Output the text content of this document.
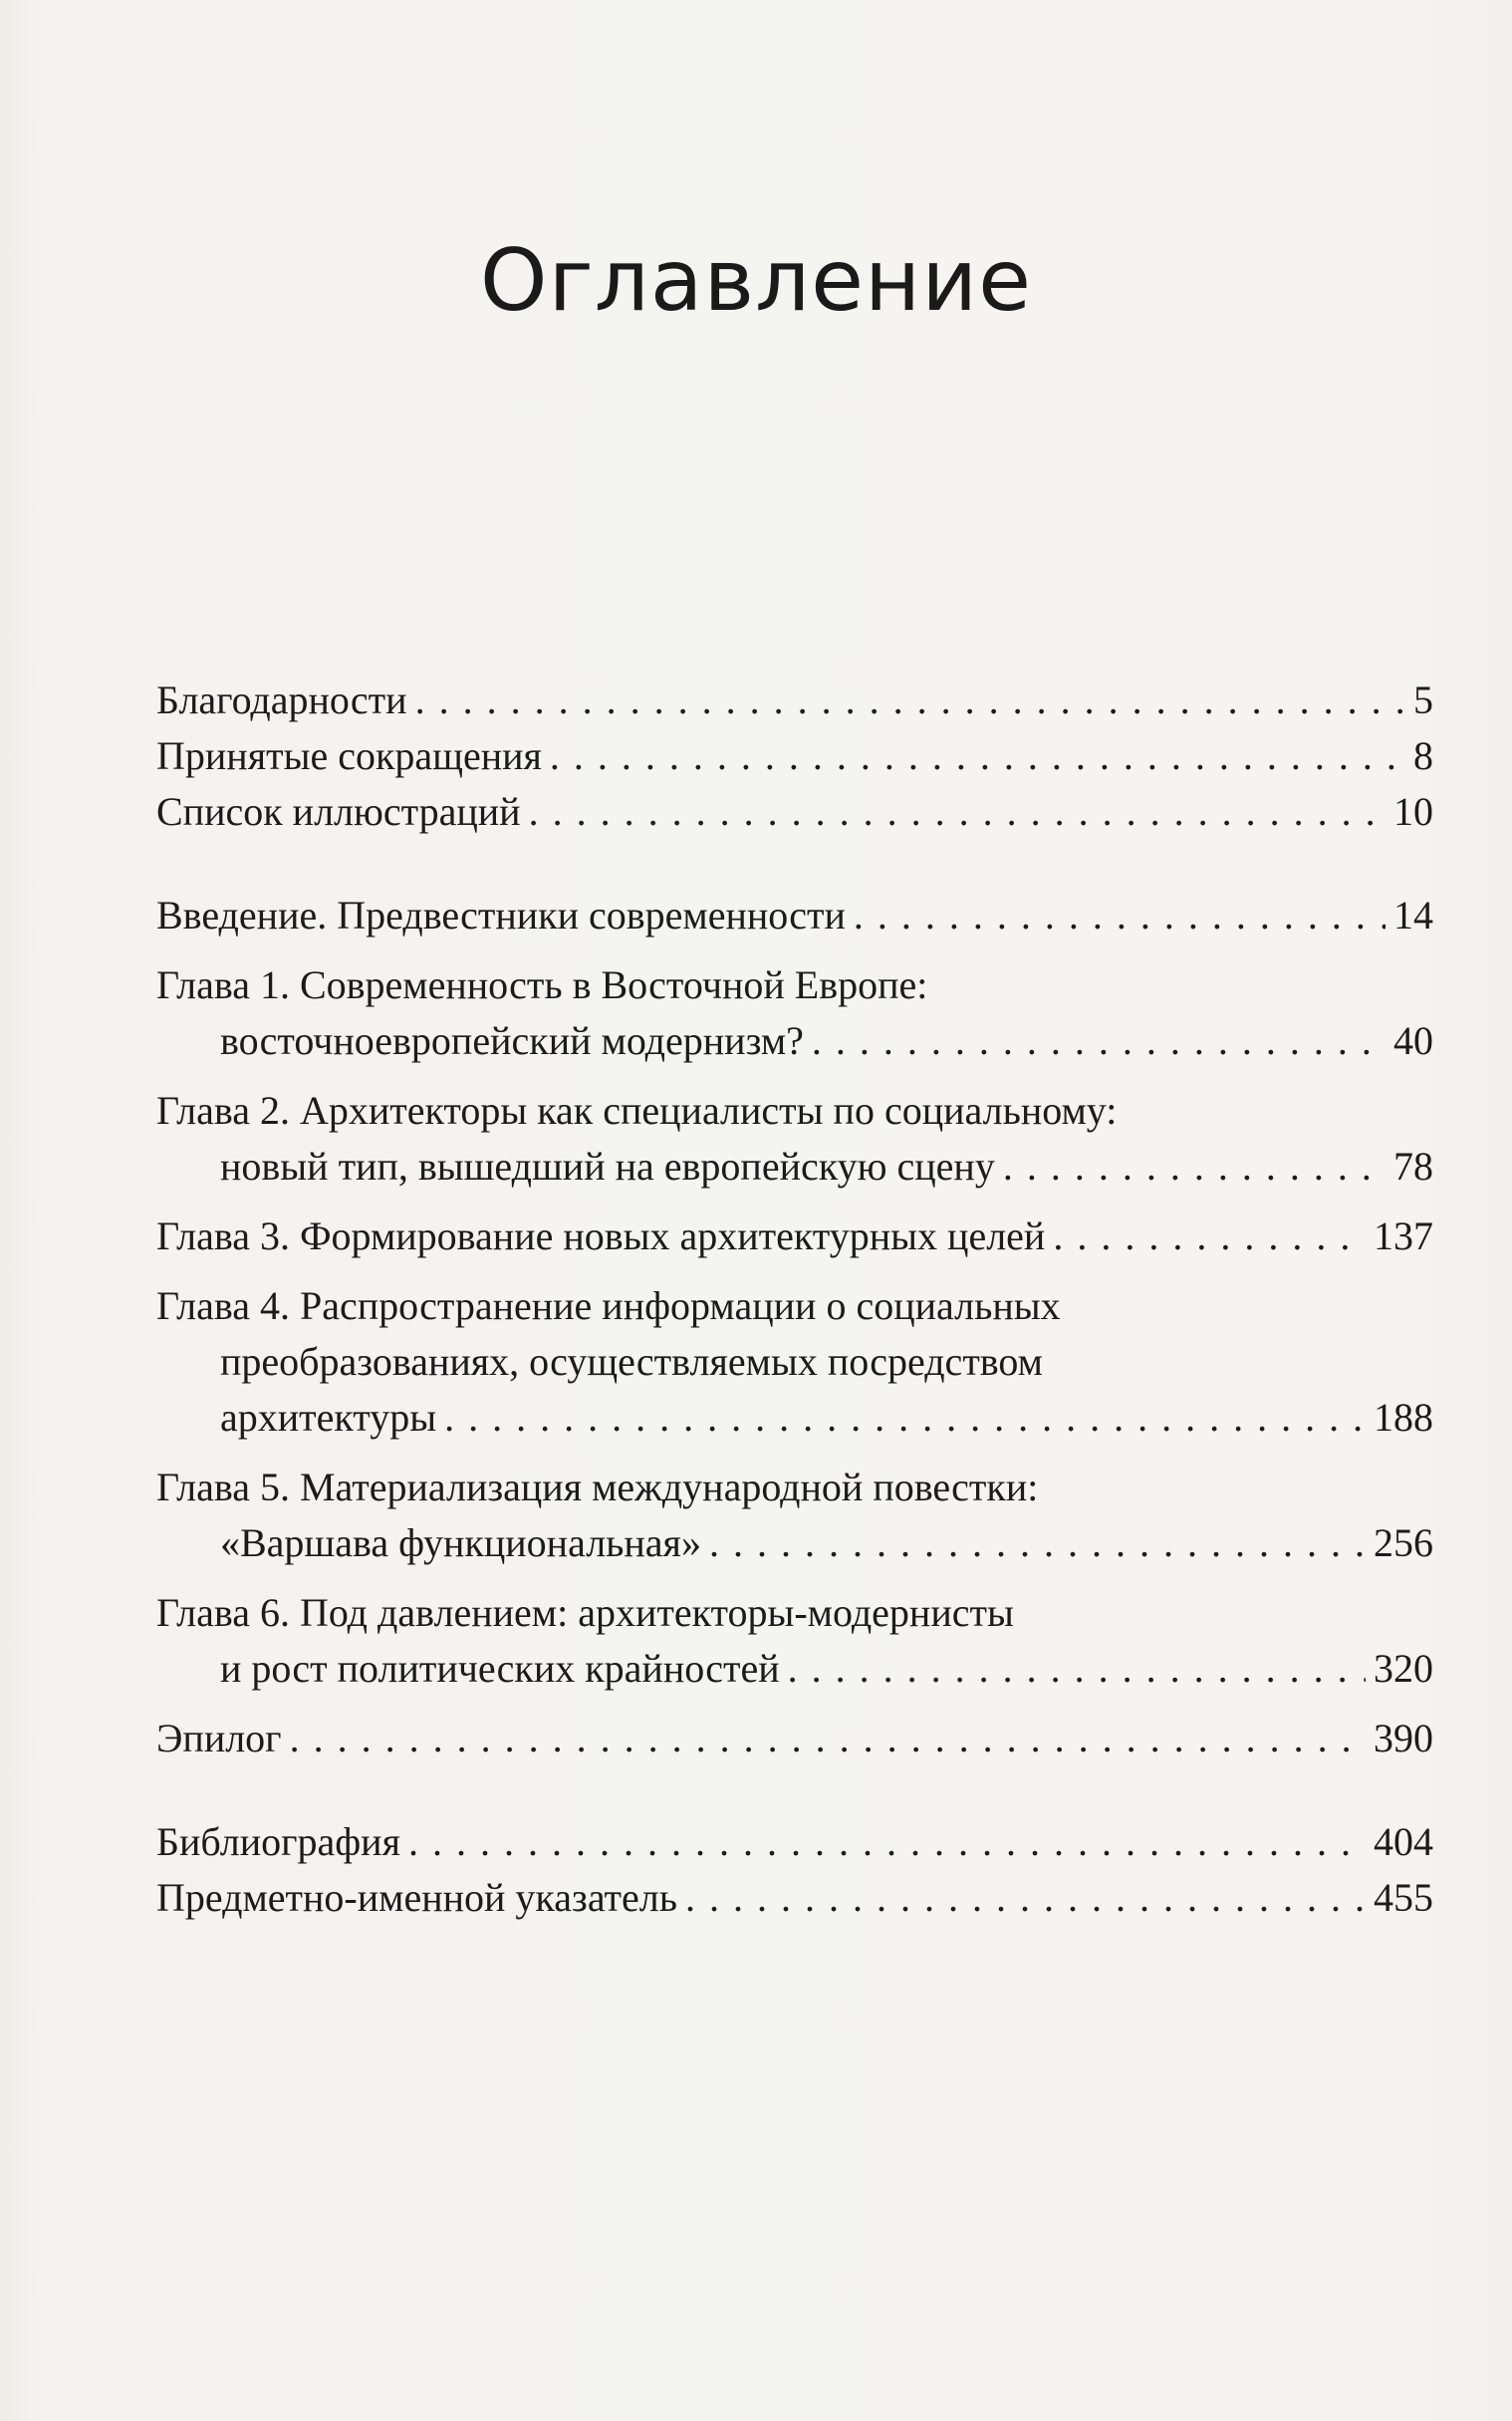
Оглавление
Благодарности . . .	5
Принятые сокращения . . .	8
Список иллюстраций . . .	10
Введение. Предвестники современности . . .	14
Глава 1. Современность в Восточной Европе:
восточноевропейский модернизм? . . .	40
Глава 2. Архитекторы как специалисты по социальному:
новый тип, вышедший на европейскую сцену . . .	78
Глава 3. Формирование новых архитектурных целей . . .	137
Глава 4. Распространение информации о социальных
преобразованиях, осуществляемых посредством
архитектуры . . .	188
Глава 5. Материализация международной повестки:
«Варшава функциональная» . . .	256
Глава 6. Под давлением: архитекторы-модернисты
и рост политических крайностей . . .	320
Эпилог . . .	390
Библиография . . .	404
Предметно-именной указатель . . .	455
